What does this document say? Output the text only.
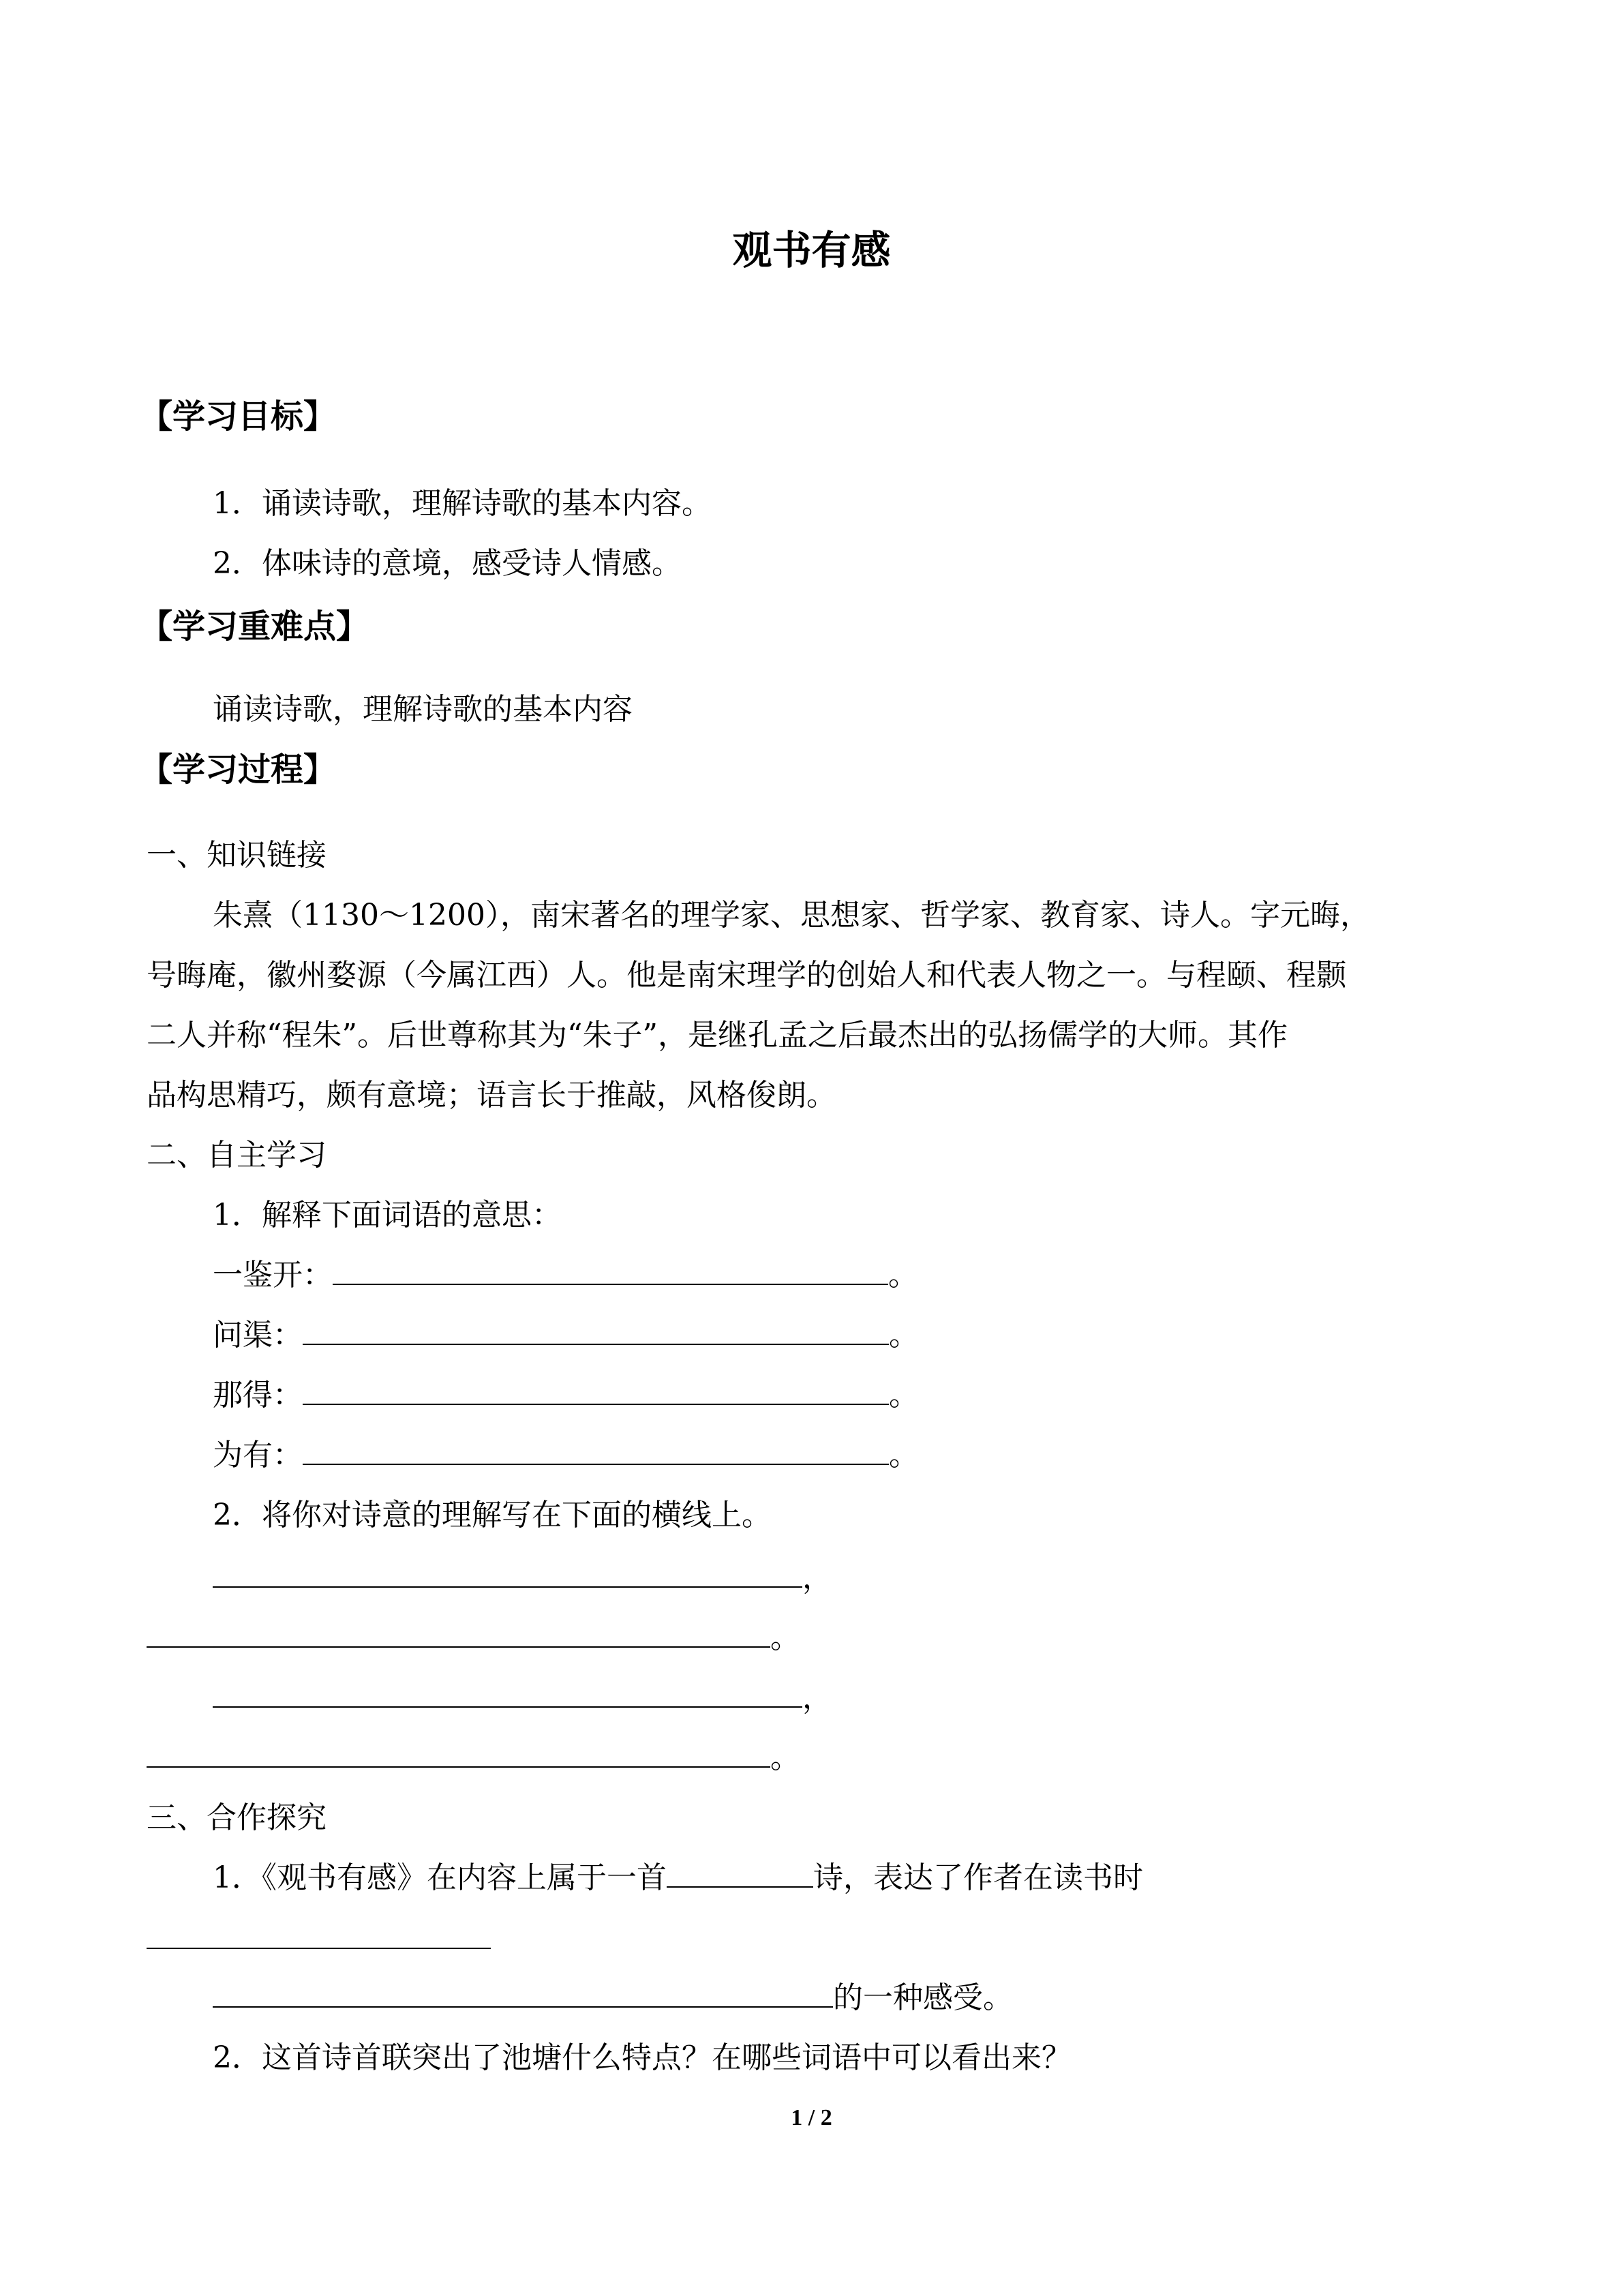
观书有感
【学习目标】
1．诵读诗歌，理解诗歌的基本内容。
2．体味诗的意境，感受诗人情感。
【学习重难点】
诵读诗歌，理解诗歌的基本内容
【学习过程】
一、知识链接
朱熹（1130～1200），南宋著名的理学家、思想家、哲学家、教育家、诗人。字元晦，
号晦庵，徽州婺源（今属江西）人。他是南宋理学的创始人和代表人物之一。与程颐、程颢
二人并称“程朱”。后世尊称其为“朱子”，是继孔孟之后最杰出的弘扬儒学的大师。其作
品构思精巧，颇有意境；语言长于推敲，风格俊朗。
二、自主学习
1．解释下面词语的意思：
一鉴开：	。
问渠：	。
那得：	。
为有：	。
2．将你对诗意的理解写在下面的横线上。
，
。
，
。
三、合作探究
1．《观书有感》在内容上属于一首	诗，表达了作者在读书时
的一种感受。
2．这首诗首联突出了池塘什么特点？在哪些词语中可以看出来？
1 / 2
